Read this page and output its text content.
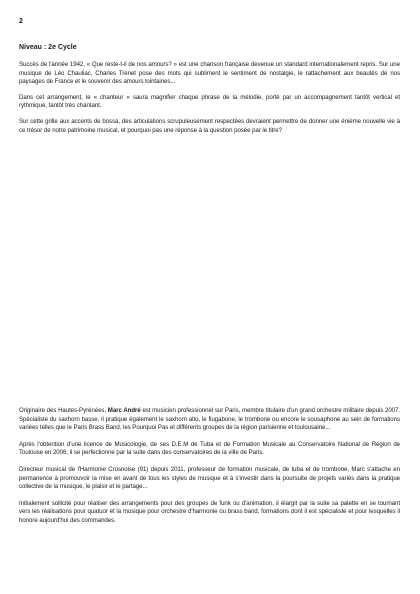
2
Niveau : 2e Cycle

Succès de l'année 1942, « Que reste-t-il de nos amours? » est une chanson française devenue un standard internationalement repris. Sur une musique de Léo Chauliac, Charles Trenet pose des mots qui subliment le sentiment de nostalgie, le rattachement aux beautés de nos paysages de France et le souvenir des amours lointaines...

Dans cet arrangement, le « chanteur » saura magnifier chaque phrase de la mélodie, porté par un accompagnement tantôt vertical et rythmique, tantôt très chantant.

Sur cette grille aux accents de bossa, des articulations scrupuleusement respectées devraient permettre de donner une énième nouvelle vie à ce trésor de notre patrimoine musical, et pourquoi pas une réponse à la question posée par le titre?

Originaire des Hautes-Pyrénées, Marc André est musicien professionnel sur Paris, membre titulaire d'un grand orchestre militaire depuis 2007. Spécialiste du saxhorn basse, il pratique également le saxhorn alto, le flugabone, le trombone ou encore le sousaphone au sein de formations variées telles que le Paris Brass Band, les Pourquoi Pas et différents groupes de la région parisienne et toulousaine...

Après l'obtention d'une licence de Musicologie, de ses D.E.M de Tuba et de Formation Musicale au Conservatoire National de Région de Toulouse en 2006, il se perfectionne par la suite dans des conservatoires de la ville de Paris.

Directeur musical de l'Harmonie Crosnoise (91) depuis 2011, professeur de formation musicale, de tuba et de trombone, Marc s'attache en permanence à promouvoir la mise en avant de tous les styles de musique et à s'investir dans la poursuite de projets variés dans la pratique collective de la musique, le plaisir et le partage...

Initialement sollicité pour réaliser des arrangements pour des groupes de funk ou d'animation, il élargit par la suite sa palette en se tournant vers les réalisations pour quatuor et la musique pour orchestre d'harmonie ou brass band, formations dont il est spécialiste et pour lesquelles il honore aujourd'hui des commandes.
